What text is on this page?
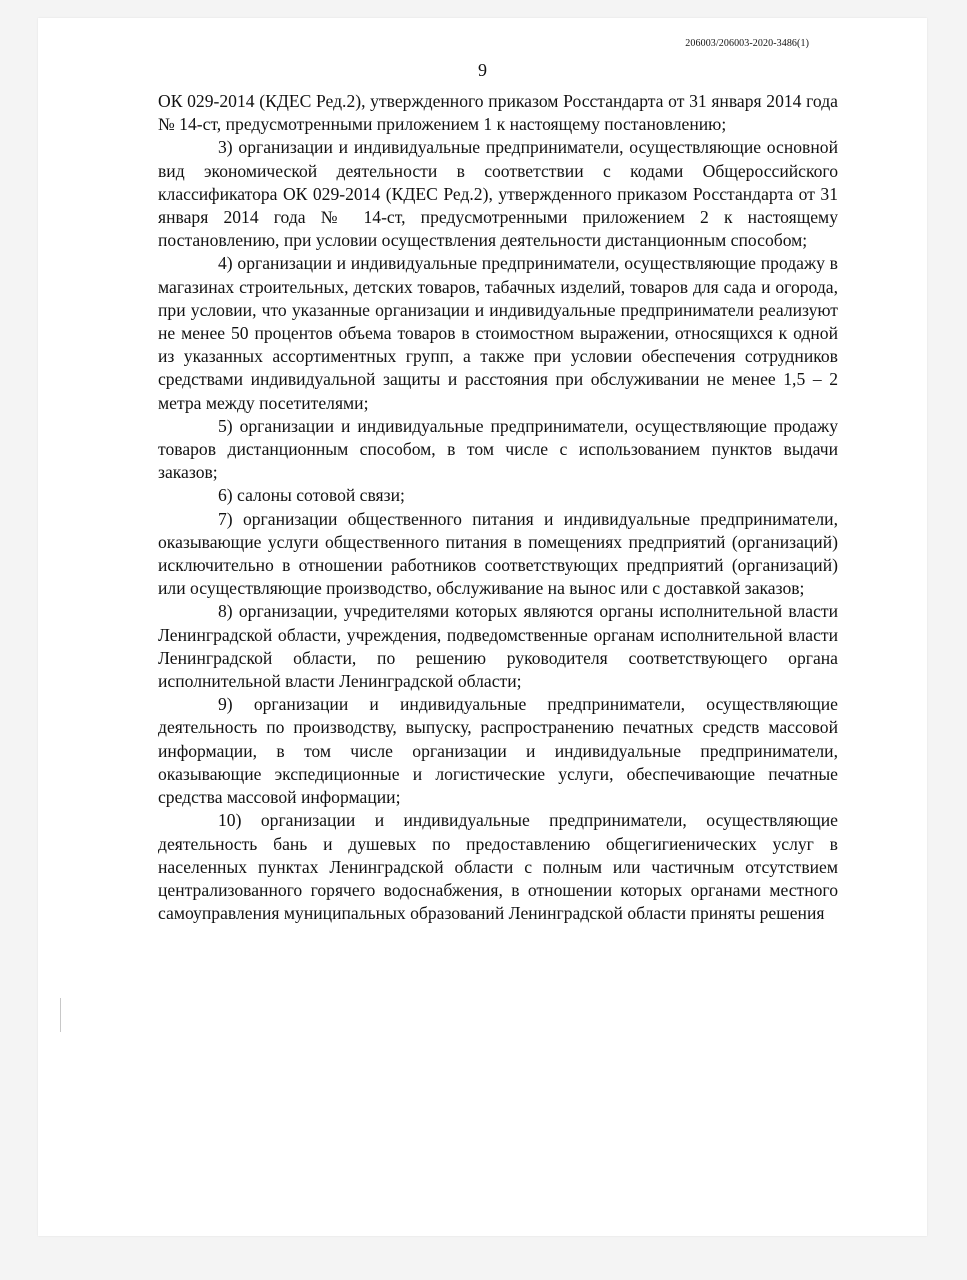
206003/206003-2020-3486(1)
9

ОК 029-2014 (КДЕС Ред.2), утвержденного приказом Росстандарта от 31 января 2014 года № 14-ст, предусмотренными приложением 1 к настоящему постановлению;

3) организации и индивидуальные предприниматели, осуществляющие основной вид экономической деятельности в соответствии с кодами Общероссийского классификатора ОК 029-2014 (КДЕС Ред.2), утвержденного приказом Росстандарта от 31 января 2014 года № 14-ст, предусмотренными приложением 2 к настоящему постановлению, при условии осуществления деятельности дистанционным способом;

4) организации и индивидуальные предприниматели, осуществляющие продажу в магазинах строительных, детских товаров, табачных изделий, товаров для сада и огорода, при условии, что указанные организации и индивидуальные предприниматели реализуют не менее 50 процентов объема товаров в стоимостном выражении, относящихся к одной из указанных ассортиментных групп, а также при условии обеспечения сотрудников средствами индивидуальной защиты и расстояния при обслуживании не менее 1,5 – 2 метра между посетителями;

5) организации и индивидуальные предприниматели, осуществляющие продажу товаров дистанционным способом, в том числе с использованием пунктов выдачи заказов;

6) салоны сотовой связи;

7) организации общественного питания и индивидуальные предприниматели, оказывающие услуги общественного питания в помещениях предприятий (организаций) исключительно в отношении работников соответствующих предприятий (организаций) или осуществляющие производство, обслуживание на вынос или с доставкой заказов;

8) организации, учредителями которых являются органы исполнительной власти Ленинградской области, учреждения, подведомственные органам исполнительной власти Ленинградской области, по решению руководителя соответствующего органа исполнительной власти Ленинградской области;

9) организации и индивидуальные предприниматели, осуществляющие деятельность по производству, выпуску, распространению печатных средств массовой информации, в том числе организации и индивидуальные предприниматели, оказывающие экспедиционные и логистические услуги, обеспечивающие печатные средства массовой информации;

10) организации и индивидуальные предприниматели, осуществляющие деятельность бань и душевых по предоставлению общегигиенических услуг в населенных пунктах Ленинградской области с полным или частичным отсутствием централизованного горячего водоснабжения, в отношении которых органами местного самоуправления муниципальных образований Ленинградской области приняты решения
